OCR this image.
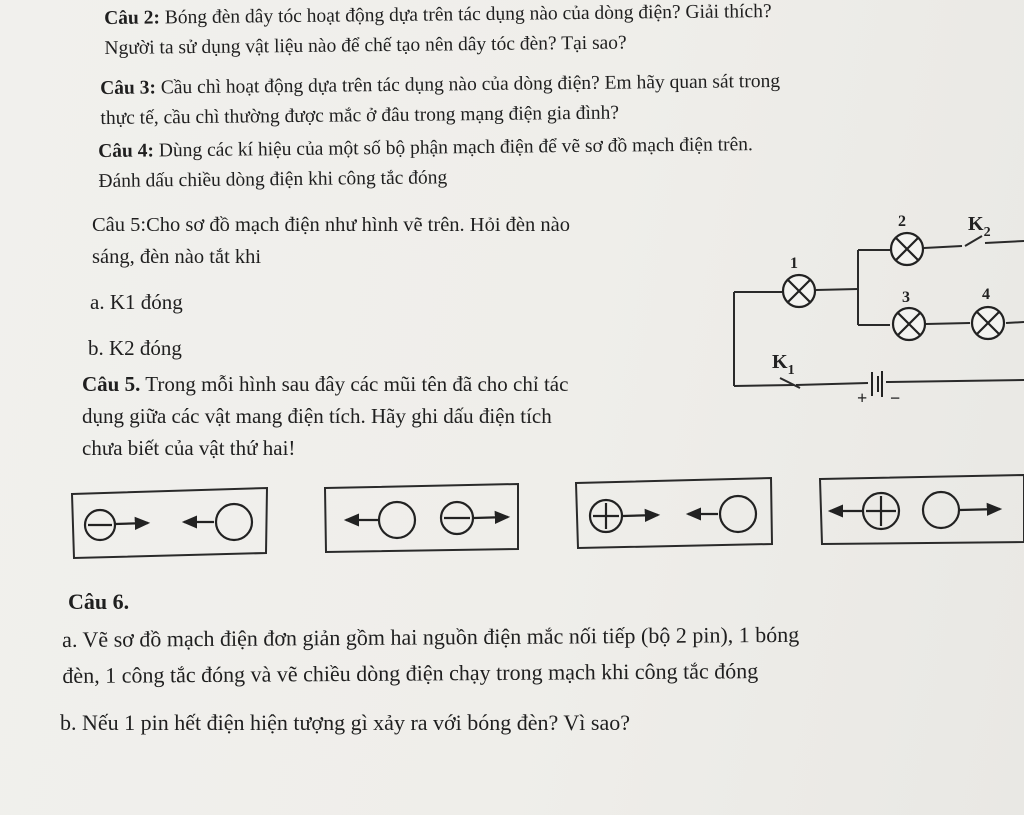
Câu 2: Bóng đèn dây tóc hoạt động dựa trên tác dụng nào của dòng điện? Giải thích?
Người ta sử dụng vật liệu nào để chế tạo nên dây tóc đèn? Tại sao?
Câu 3: Cầu chì hoạt động dựa trên tác dụng nào của dòng điện? Em hãy quan sát trong
thực tế, cầu chì thường được mắc ở đâu trong mạng điện gia đình?
Câu 4: Dùng các kí hiệu của một số bộ phận mạch điện để vẽ sơ đồ mạch điện trên.
Đánh dấu chiều dòng điện khi công tắc đóng
Câu 5:Cho sơ đồ mạch điện như hình vẽ trên. Hỏi đèn nào
sáng, đèn nào tắt khi
a. K1 đóng
b. K2 đóng
Câu 5. Trong mỗi hình sau đây các mũi tên đã cho chỉ tác
dụng giữa các vật mang điện tích. Hãy ghi dấu điện tích
chưa biết của vật thứ hai!
1
2
3	4
$K_2$
$K_1$
+ −
Câu 6.
a. Vẽ sơ đồ mạch điện đơn giản gồm hai nguồn điện mắc nối tiếp (bộ 2 pin), 1 bóng
đèn, 1 công tắc đóng và vẽ chiều dòng điện chạy trong mạch khi công tắc đóng
b. Nếu 1 pin hết điện hiện tượng gì xảy ra với bóng đèn? Vì sao?
